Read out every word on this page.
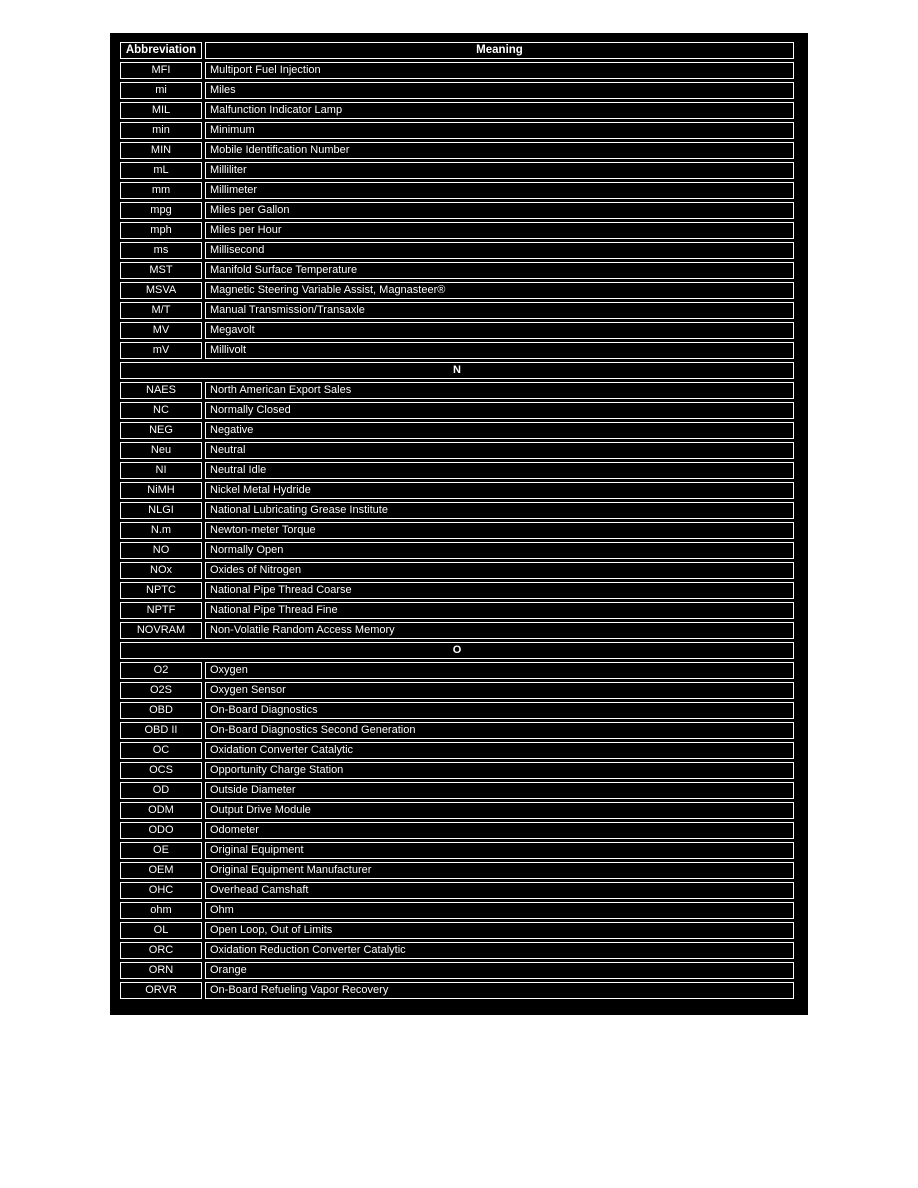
Abbreviation	Meaning
MFI	Multiport Fuel Injection
mi	Miles
MIL	Malfunction Indicator Lamp
min	Minimum
MIN	Mobile Identification Number
mL	Milliliter
mm	Millimeter
mpg	Miles per Gallon
mph	Miles per Hour
ms	Millisecond
MST	Manifold Surface Temperature
MSVA	Magnetic Steering Variable Assist, Magnasteer®
M/T	Manual Transmission/Transaxle
MV	Megavolt
mV	Millivolt
N	
NAES	North American Export Sales
NC	Normally Closed
NEG	Negative
Neu	Neutral
NI	Neutral Idle
NiMH	Nickel Metal Hydride
NLGI	National Lubricating Grease Institute
N.m	Newton-meter Torque
NO	Normally Open
NOx	Oxides of Nitrogen
NPTC	National Pipe Thread Coarse
NPTF	National Pipe Thread Fine
NOVRAM	Non-Volatile Random Access Memory
O	
O2	Oxygen
O2S	Oxygen Sensor
OBD	On-Board Diagnostics
OBD II	On-Board Diagnostics Second Generation
OC	Oxidation Converter Catalytic
OCS	Opportunity Charge Station
OD	Outside Diameter
ODM	Output Drive Module
ODO	Odometer
OE	Original Equipment
OEM	Original Equipment Manufacturer
OHC	Overhead Camshaft
ohm	Ohm
OL	Open Loop, Out of Limits
ORC	Oxidation Reduction Converter Catalytic
ORN	Orange
ORVR	On-Board Refueling Vapor Recovery
